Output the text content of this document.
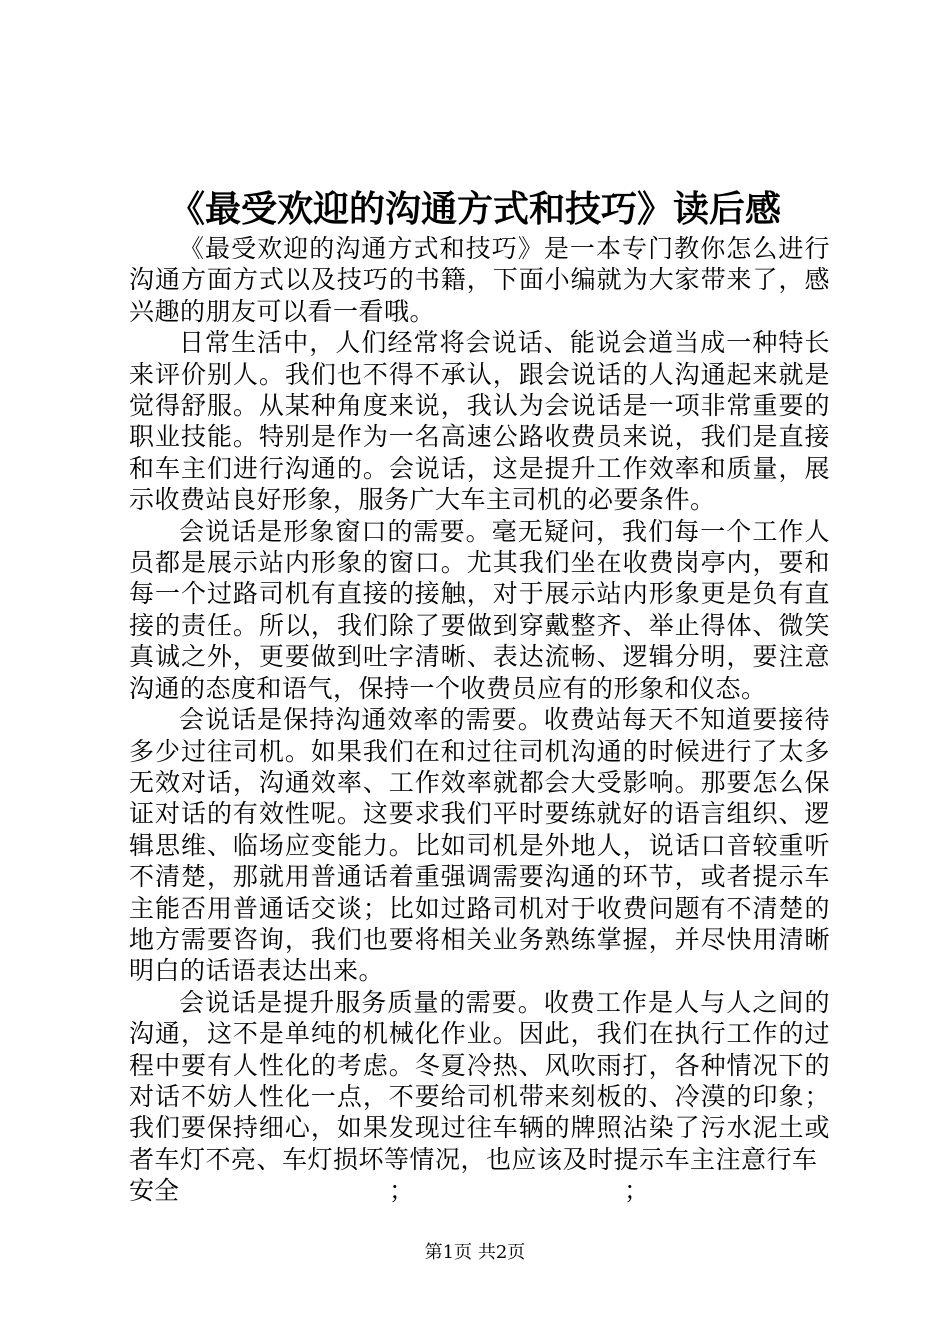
《最受欢迎的沟通方式和技巧》读后感

《最受欢迎的沟通方式和技巧》是一本专门教你怎么进行沟通方面方式以及技巧的书籍，下面小编就为大家带来了，感兴趣的朋友可以看一看哦。

日常生活中，人们经常将会说话、能说会道当成一种特长来评价别人。我们也不得不承认，跟会说话的人沟通起来就是觉得舒服。从某种角度来说，我认为会说话是一项非常重要的职业技能。特别是作为一名高速公路收费员来说，我们是直接和车主们进行沟通的。会说话，这是提升工作效率和质量，展示收费站良好形象，服务广大车主司机的必要条件。

会说话是形象窗口的需要。毫无疑问，我们每一个工作人员都是展示站内形象的窗口。尤其我们坐在收费岗亭内，要和每一个过路司机有直接的接触，对于展示站内形象更是负有直接的责任。所以，我们除了要做到穿戴整齐、举止得体、微笑真诚之外，更要做到吐字清晰、表达流畅、逻辑分明，要注意沟通的态度和语气，保持一个收费员应有的形象和仪态。

会说话是保持沟通效率的需要。收费站每天不知道要接待多少过往司机。如果我们在和过往司机沟通的时候进行了太多无效对话，沟通效率、工作效率就都会大受影响。那要怎么保证对话的有效性呢。这要求我们平时要练就好的语言组织、逻辑思维、临场应变能力。比如司机是外地人，说话口音较重听不清楚，那就用普通话着重强调需要沟通的环节，或者提示车主能否用普通话交谈；比如过路司机对于收费问题有不清楚的地方需要咨询，我们也要将相关业务熟练掌握，并尽快用清晰明白的话语表达出来。

会说话是提升服务质量的需要。收费工作是人与人之间的沟通，这不是单纯的机械化作业。因此，我们在执行工作的过程中要有人性化的考虑。冬夏冷热、风吹雨打，各种情况下的对话不妨人性化一点，不要给司机带来刻板的、冷漠的印象；我们要保持细心，如果发现过往车辆的牌照沾染了污水泥土或者车灯不亮、车灯损坏等情况，也应该及时提示车主注意行车

安全	；	；
第1页 共2页
